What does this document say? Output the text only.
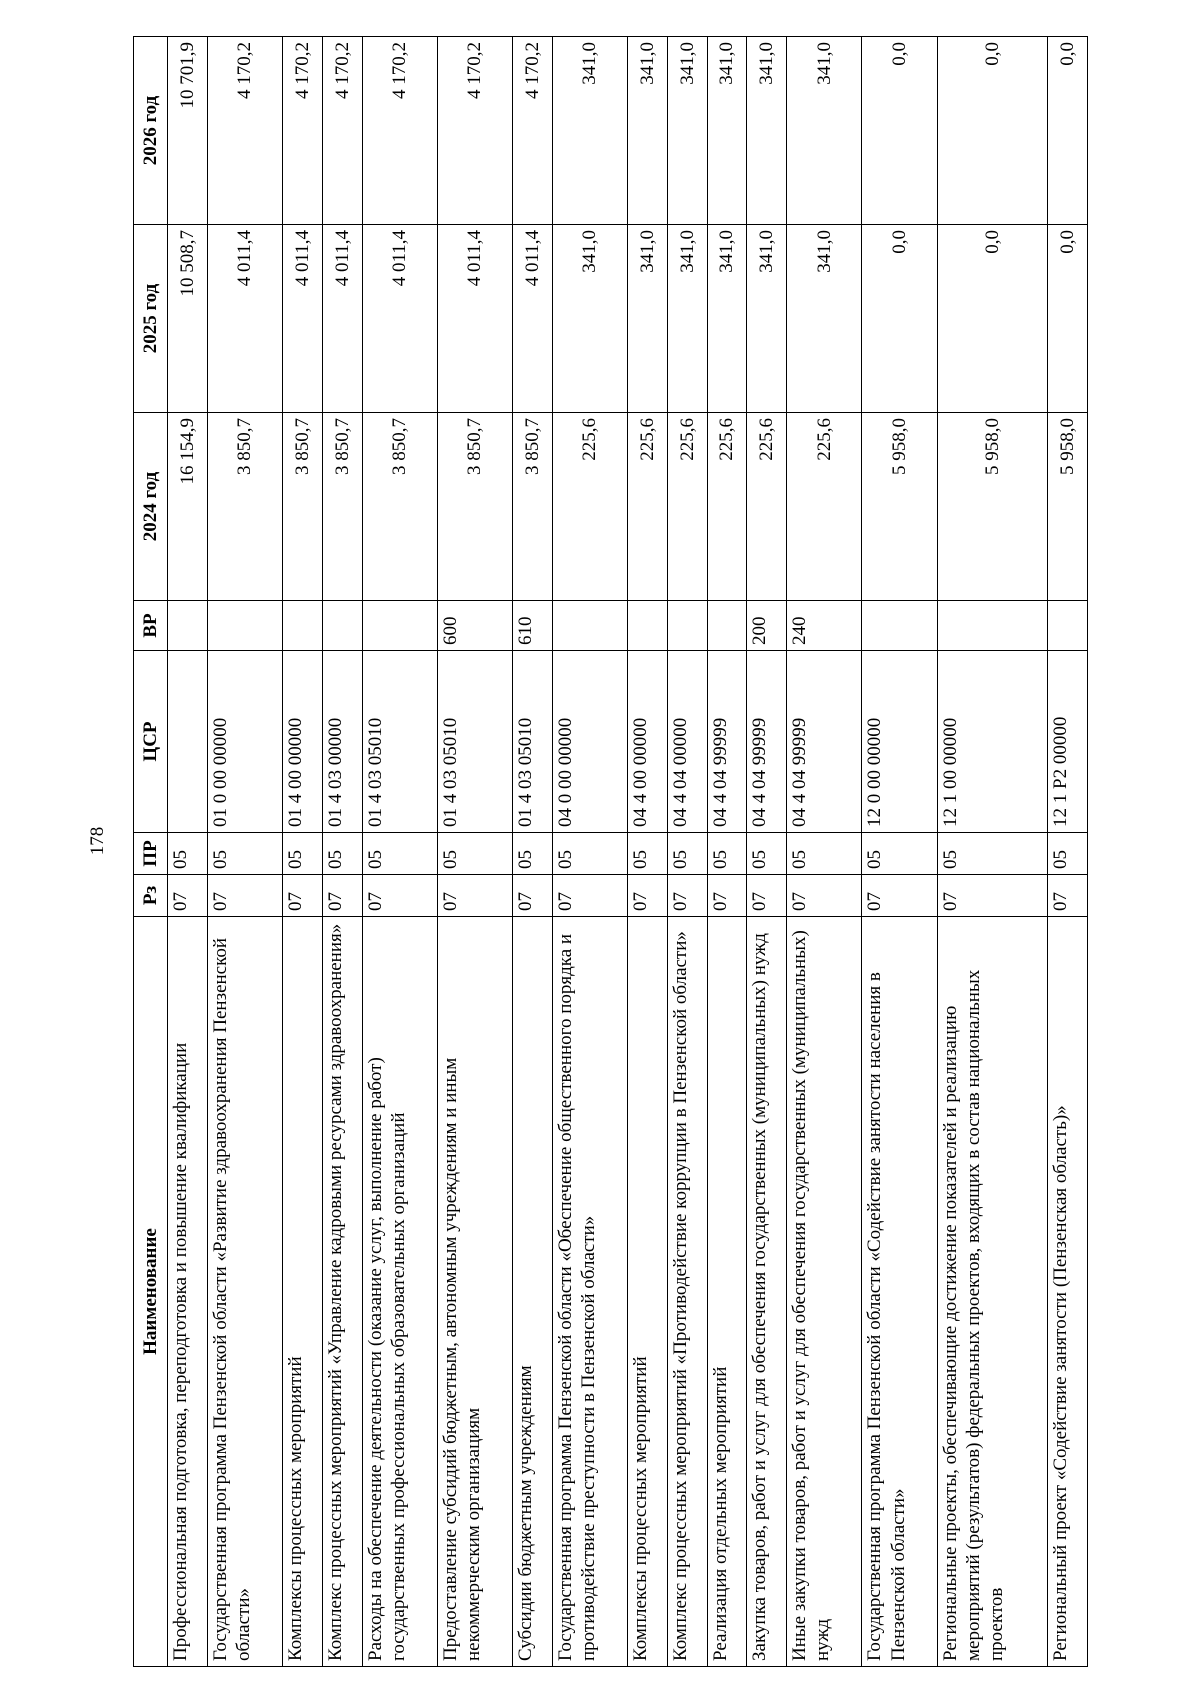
178
Наименование	Рз	ПР	ЦСР	ВР	2024 год	2025 год	2026 год
Профессиональная подготовка, переподготовка и повышение квалификации	07	05			16 154,9	10 508,7	10 701,9
Государственная программа Пензенской области «Развитие здравоохранения Пензенской области»	07	05	01 0 00 00000		3 850,7	4 011,4	4 170,2
Комплексы процессных мероприятий	07	05	01 4 00 00000		3 850,7	4 011,4	4 170,2
Комплекс процессных мероприятий «Управление кадровыми ресурсами здравоохранения»	07	05	01 4 03 00000		3 850,7	4 011,4	4 170,2
Расходы на обеспечение деятельности (оказание услуг, выполнение работ) государственных профессиональных образовательных организаций	07	05	01 4 03 05010		3 850,7	4 011,4	4 170,2
Предоставление субсидий бюджетным, автономным учреждениям и иным некоммерческим организациям	07	05	01 4 03 05010	600	3 850,7	4 011,4	4 170,2
Субсидии бюджетным учреждениям	07	05	01 4 03 05010	610	3 850,7	4 011,4	4 170,2
Государственная программа Пензенской области «Обеспечение общественного порядка и противодействие преступности в Пензенской области»	07	05	04 0 00 00000		225,6	341,0	341,0
Комплексы процессных мероприятий	07	05	04 4 00 00000		225,6	341,0	341,0
Комплекс процессных мероприятий «Противодействие коррупции в Пензенской области»	07	05	04 4 04 00000		225,6	341,0	341,0
Реализация отдельных мероприятий	07	05	04 4 04 99999		225,6	341,0	341,0
Закупка товаров, работ и услуг для обеспечения государственных (муниципальных) нужд	07	05	04 4 04 99999	200	225,6	341,0	341,0
Иные закупки товаров, работ и услуг для обеспечения государственных (муниципальных) нужд	07	05	04 4 04 99999	240	225,6	341,0	341,0
Государственная программа Пензенской области «Содействие занятости населения в Пензенской области»	07	05	12 0 00 00000		5 958,0	0,0	0,0
Региональные проекты, обеспечивающие достижение показателей и реализацию мероприятий (результатов) федеральных проектов, входящих в состав национальных проектов	07	05	12 1 00 00000		5 958,0	0,0	0,0
Региональный проект «Содействие занятости (Пензенская область)»	07	05	12 1 Р2 00000		5 958,0	0,0	0,0
